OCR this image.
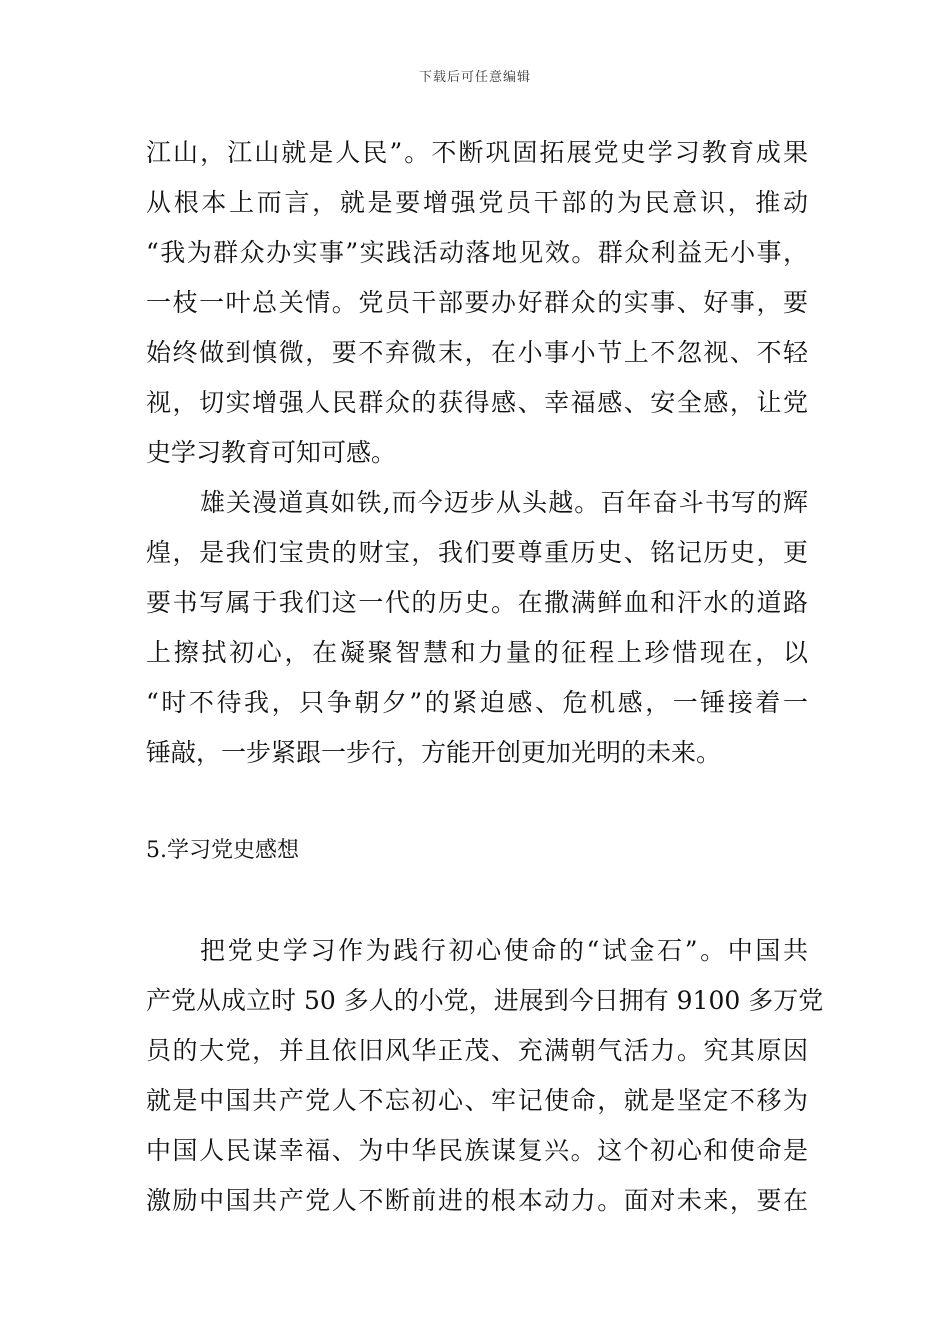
下载后可任意编辑
江山，江山就是人民”。不断巩固拓展党史学习教育成果
从根本上而言，就是要增强党员干部的为民意识，推动
“我为群众办实事”实践活动落地见效。群众利益无小事，
一枝一叶总关情。党员干部要办好群众的实事、好事，要
始终做到慎微，要不弃微末，在小事小节上不忽视、不轻
视，切实增强人民群众的获得感、幸福感、安全感，让党
史学习教育可知可感。
雄关漫道真如铁,而今迈步从头越。百年奋斗书写的辉
煌，是我们宝贵的财宝，我们要尊重历史、铭记历史，更
要书写属于我们这一代的历史。在撒满鲜血和汗水的道路
上擦拭初心，在凝聚智慧和力量的征程上珍惜现在，以
“时不待我，只争朝夕”的紧迫感、危机感，一锤接着一
锤敲，一步紧跟一步行，方能开创更加光明的未来。
5.学习党史感想
把党史学习作为践行初心使命的“试金石”。中国共
产党从成立时 50 多人的小党，进展到今日拥有 9100 多万党
员的大党，并且依旧风华正茂、充满朝气活力。究其原因
就是中国共产党人不忘初心、牢记使命，就是坚定不移为
中国人民谋幸福、为中华民族谋复兴。这个初心和使命是
激励中国共产党人不断前进的根本动力。面对未来，要在
